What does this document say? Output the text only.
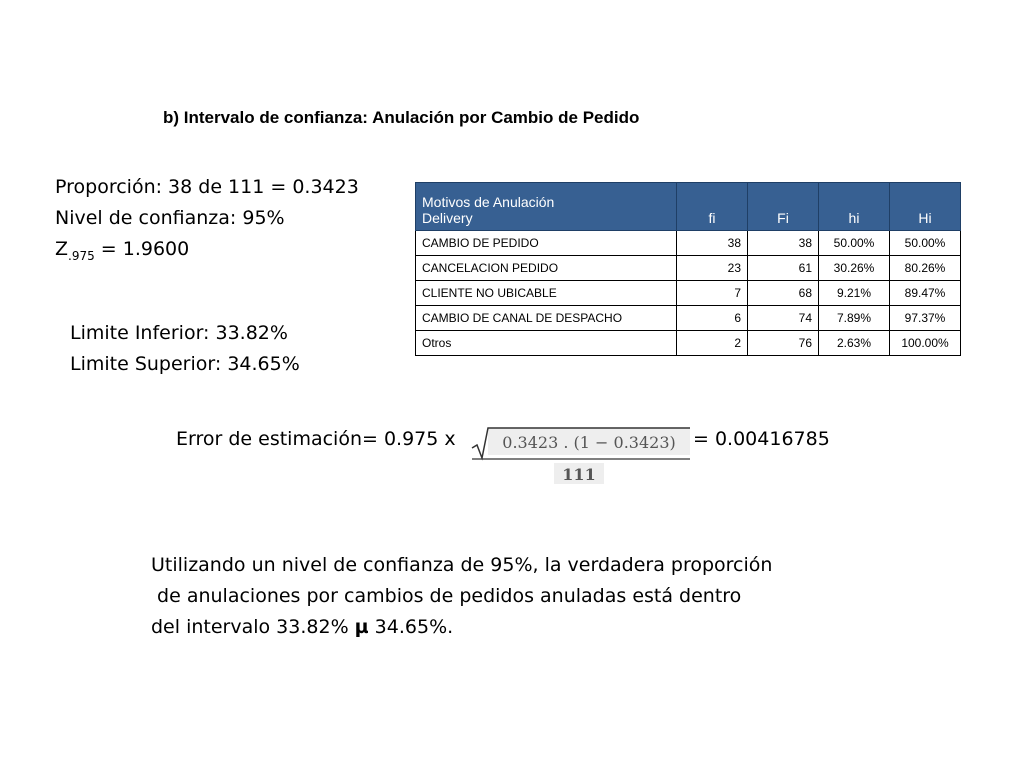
b) Intervalo de confianza: Anulación por Cambio de Pedido
Proporción: 38 de 111 = 0.3423
Nivel de confianza: 95%
$Z_{.975} = 1.9600$
Limite Inferior: 33.82%
Limite Superior: 34.65%
Motivos de Anulación
Delivery	fi	Fi	hi	Hi
CAMBIO DE PEDIDO	38	38	50.00%	50.00%
CANCELACION PEDIDO	23	61	30.26%	80.26%
CLIENTE NO UBICABLE	7	68	9.21%	89.47%
CAMBIO DE CANAL DE DESPACHO	6	74	7.89%	97.37%
Otros	2	76	2.63%	100.00%
Error de estimación= 0.975 x	0.3423 . (1 − 0.3423)
111
= 0.00416785
Utilizando un nivel de confianza de 95%, la verdadera proporción
de anulaciones por cambios de pedidos anuladas está dentro
del intervalo 33.82% µ 34.65%.
